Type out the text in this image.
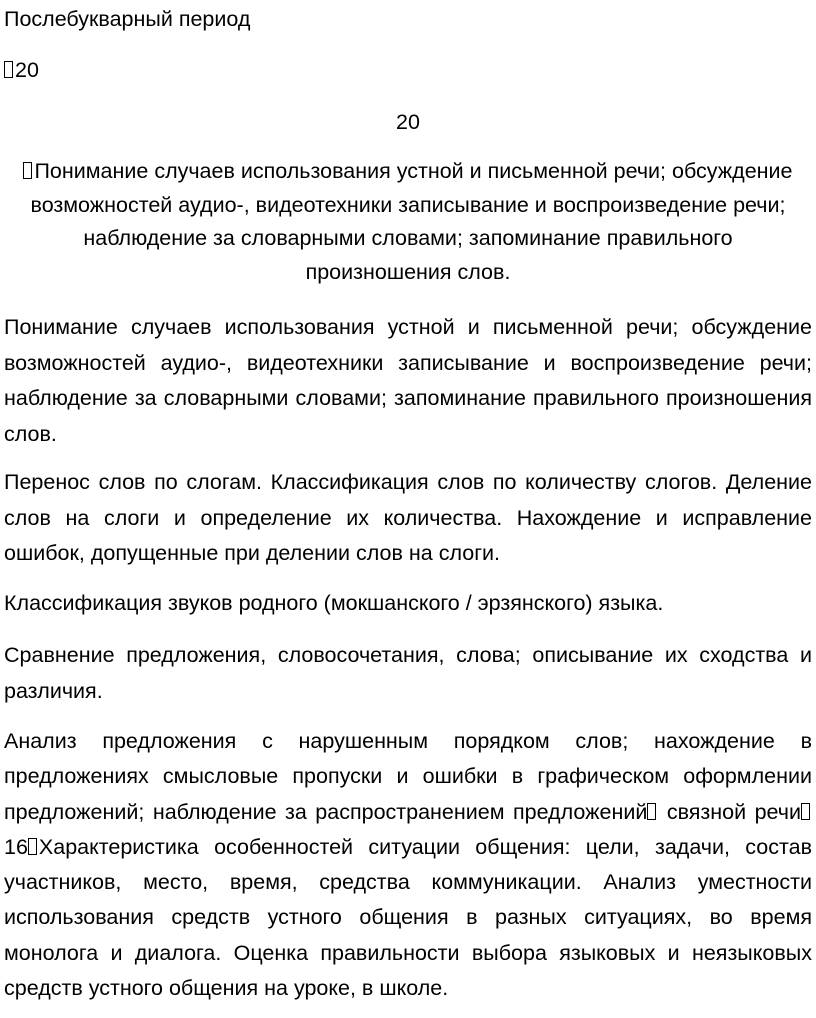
Послебукварный период
20
20
Понимание случаев использования устной и письменной речи; обсуждение
возможностей аудио-, видеотехники записывание и воспроизведение речи;
наблюдение за словарными словами; запоминание правильного
произношения слов.
Понимание случаев использования устной и письменной речи; обсуждение возможностей аудио-, видеотехники записывание и воспроизведение речи; наблюдение за словарными словами; запоминание правильного произношения слов.
Перенос слов по слогам. Классификация слов по количеству слогов. Деление слов на слоги и определение их количества. Нахождение и исправление ошибок, допущенные при делении слов на слоги.
Классификация звуков родного (мокшанского / эрзянского) языка.
Сравнение предложения, словосочетания, слова; описывание их сходства и различия.
Анализ предложения с нарушенным порядком слов; нахождение в предложениях смысловые пропуски и ошибки в графическом оформлении предложений; наблюдение за распространением предложений связной речи16 Характеристика особенностей ситуации общения: цели, задачи, состав участников, место, время, средства коммуникации. Анализ уместности использования средств устного общения в разных ситуациях, во время монолога и диалога. Оценка правильности выбора языковых и неязыковых средств устного общения на уроке, в школе.
